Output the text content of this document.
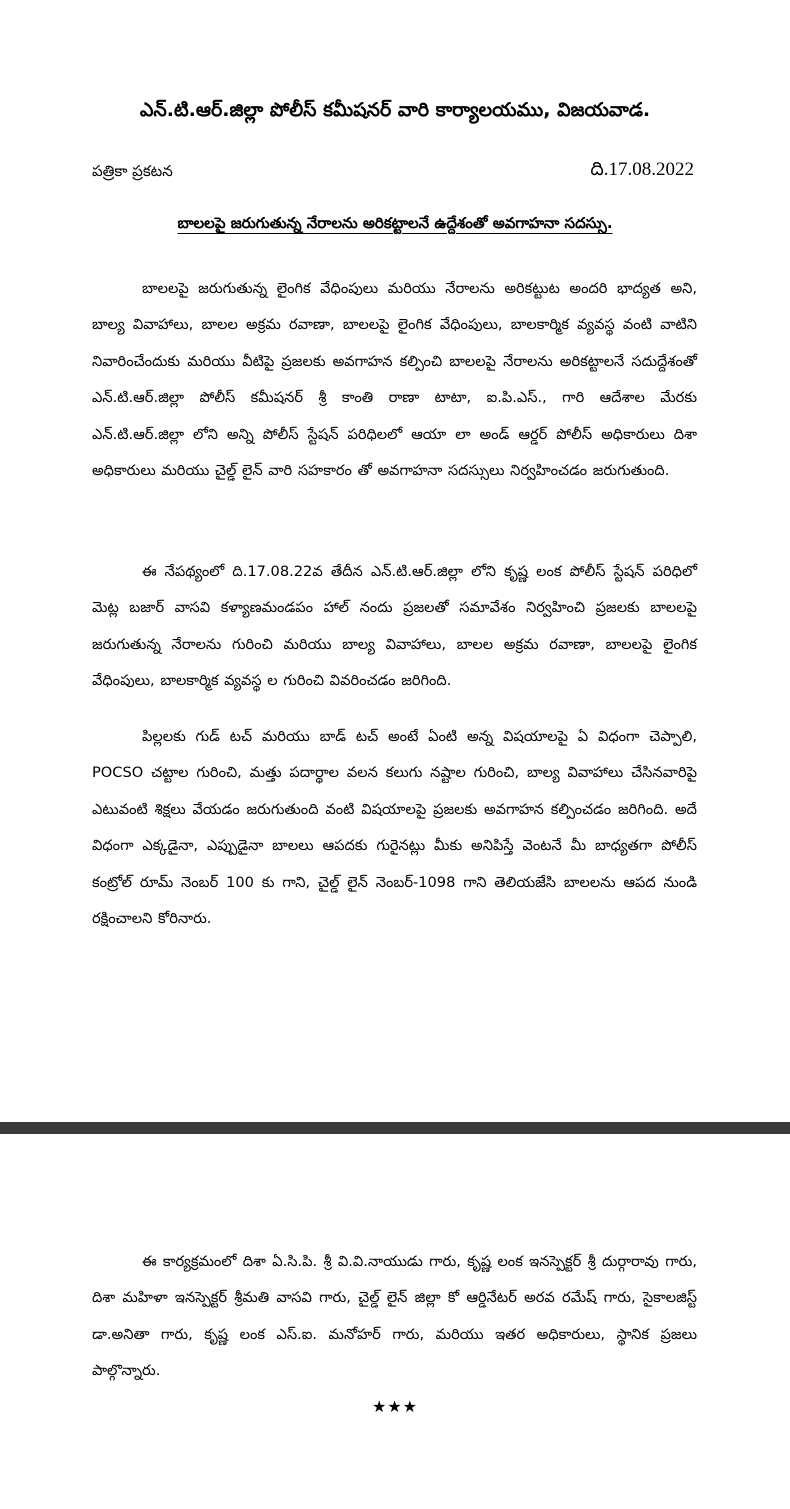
ఎన్.టి.ఆర్.జిల్లా పోలీస్ కమీషనర్ వారి కార్యాలయము, విజయవాడ.
పత్రికా ప్రకటన	ది.17.08.2022
బాలలపై జరుగుతున్న నేరాలను అరికట్టాలనే ఉద్దేశంతో అవగాహనా సదస్సు.

బాలలపై జరుగుతున్న లైంగిక వేధింపులు మరియు నేరాలను అరికట్టుట అందరి భాద్యత అని, బాల్య వివాహాలు, బాలల అక్రమ రవాణా, బాలలపై లైంగిక వేధింపులు, బాలకార్మిక వ్యవస్థ వంటి వాటిని నివారించేందుకు మరియు వీటిపై ప్రజలకు అవగాహన కల్పించి బాలలపై నేరాలను అరికట్టాలనే సదుద్దేశంతో ఎన్.టి.ఆర్.జిల్లా పోలీస్ కమీషనర్ శ్రీ కాంతి రాణా టాటా, ఐ.పి.ఎస్., గారి ఆదేశాల మేరకు ఎన్.టి.ఆర్.జిల్లా లోని అన్ని పోలీస్ స్టేషన్ పరిధిలలో ఆయా లా అండ్ ఆర్డర్ పోలీస్ అధికారులు దిశా అధికారులు మరియు చైల్డ్ లైన్ వారి సహకారం తో అవగాహనా సదస్సులు నిర్వహించడం జరుగుతుంది.

ఈ నేపథ్యంలో ది.17.08.22వ తేదీన ఎన్.టి.ఆర్.జిల్లా లోని కృష్ణ లంక పోలీస్ స్టేషన్ పరిధిలో మెట్ల బజార్ వాసవి కళ్యాణమండపం హాల్ నందు ప్రజలతో సమావేశం నిర్వహించి ప్రజలకు బాలలపై జరుగుతున్న నేరాలను గురించి మరియు బాల్య వివాహాలు, బాలల అక్రమ రవాణా, బాలలపై లైంగిక వేధింపులు, బాలకార్మిక వ్యవస్థ ల గురించి వివరించడం జరిగింది.

పిల్లలకు గుడ్ టచ్ మరియు బాడ్ టచ్ అంటే ఏంటి అన్న విషయాలపై ఏ విధంగా చెప్పాలి, POCSO చట్టాల గురించి, మత్తు పదార్థాల వలన కలుగు నష్టాల గురించి, బాల్య వివాహాలు చేసినవారిపై ఎటువంటి శిక్షలు వేయడం జరుగుతుంది వంటి విషయాలపై ప్రజలకు అవగాహన కల్పించడం జరిగింది. అదే విధంగా ఎక్కడైనా, ఎప్పుడైనా బాలలు ఆపదకు గురైనట్లు మీకు అనిపిస్తే వెంటనే మీ బాధ్యతగా పోలీస్ కంట్రోల్ రూమ్ నెంబర్ 100 కు గాని, చైల్డ్ లైన్ నెంబర్-1098 గాని తెలియజేసి బాలలను ఆపద నుండి రక్షించాలని కోరినారు.

ఈ కార్యక్రమంలో దిశా ఏ.సి.పి. శ్రీ వి.వి.నాయుడు గారు, కృష్ణ లంక ఇనస్పెక్టర్ శ్రీ దుర్గారావు గారు, దిశా మహిళా ఇనస్పెక్టర్ శ్రీమతి వాసవి గారు, చైల్డ్ లైన్ జిల్లా కో ఆర్డినేటర్ అరవ రమేష్ గారు, సైకాలజిస్ట్ డా.అనితా గారు, కృష్ణ లంక ఎస్.ఐ. మనోహర్ గారు, మరియు ఇతర అధికారులు, స్థానిక ప్రజలు పాల్గొన్నారు.

★★★
